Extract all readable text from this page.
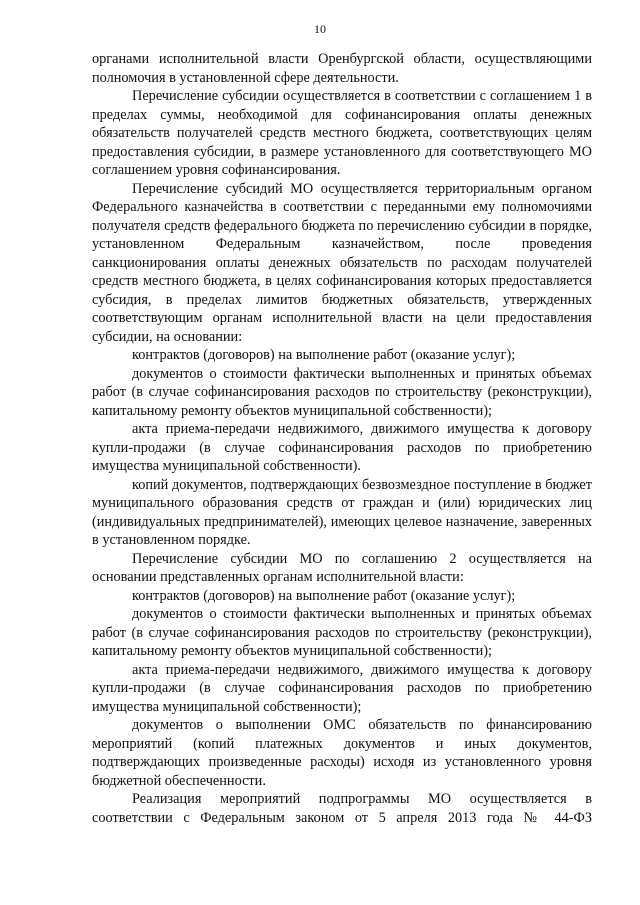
10

органами исполнительной власти Оренбургской области, осуществляющими полномочия в установленной сфере деятельности.

Перечисление субсидии осуществляется в соответствии с соглашением 1 в пределах суммы, необходимой для софинансирования оплаты денежных обязательств получателей средств местного бюджета, соответствующих целям предоставления субсидии, в размере установленного для соответствующего МО соглашением уровня софинансирования.

Перечисление субсидий МО осуществляется территориальным органом Федерального казначейства в соответствии с переданными ему полномочиями получателя средств федерального бюджета по перечислению субсидии в порядке, установленном Федеральным казначейством, после проведения санкционирования оплаты денежных обязательств по расходам получателей средств местного бюджета, в целях софинансирования которых предоставляется субсидия, в пределах лимитов бюджетных обязательств, утвержденных соответствующим органам исполнительной власти на цели предоставления субсидии, на основании:

контрактов (договоров) на выполнение работ (оказание услуг);

документов о стоимости фактически выполненных и принятых объемах работ (в случае софинансирования расходов по строительству (реконструкции), капитальному ремонту объектов муниципальной собственности);

акта приема-передачи недвижимого, движимого имущества к договору купли-продажи (в случае софинансирования расходов по приобретению имущества муниципальной собственности).

копий документов, подтверждающих безвозмездное поступление в бюджет муниципального образования средств от граждан и (или) юридических лиц (индивидуальных предпринимателей), имеющих целевое назначение, заверенных в установленном порядке.

Перечисление субсидии МО по соглашению 2 осуществляется на основании представленных органам исполнительной власти:

контрактов (договоров) на выполнение работ (оказание услуг);

документов о стоимости фактически выполненных и принятых объемах работ (в случае софинансирования расходов по строительству (реконструкции), капитальному ремонту объектов муниципальной собственности);

акта приема-передачи недвижимого, движимого имущества к договору купли-продажи (в случае софинансирования расходов по приобретению имущества муниципальной собственности);

документов о выполнении ОМС обязательств по финансированию мероприятий (копий платежных документов и иных документов, подтверждающих произведенные расходы) исходя из установленного уровня бюджетной обеспеченности.

Реализация мероприятий подпрограммы МО осуществляется в соответствии с Федеральным законом от 5 апреля 2013 года № 44-ФЗ
